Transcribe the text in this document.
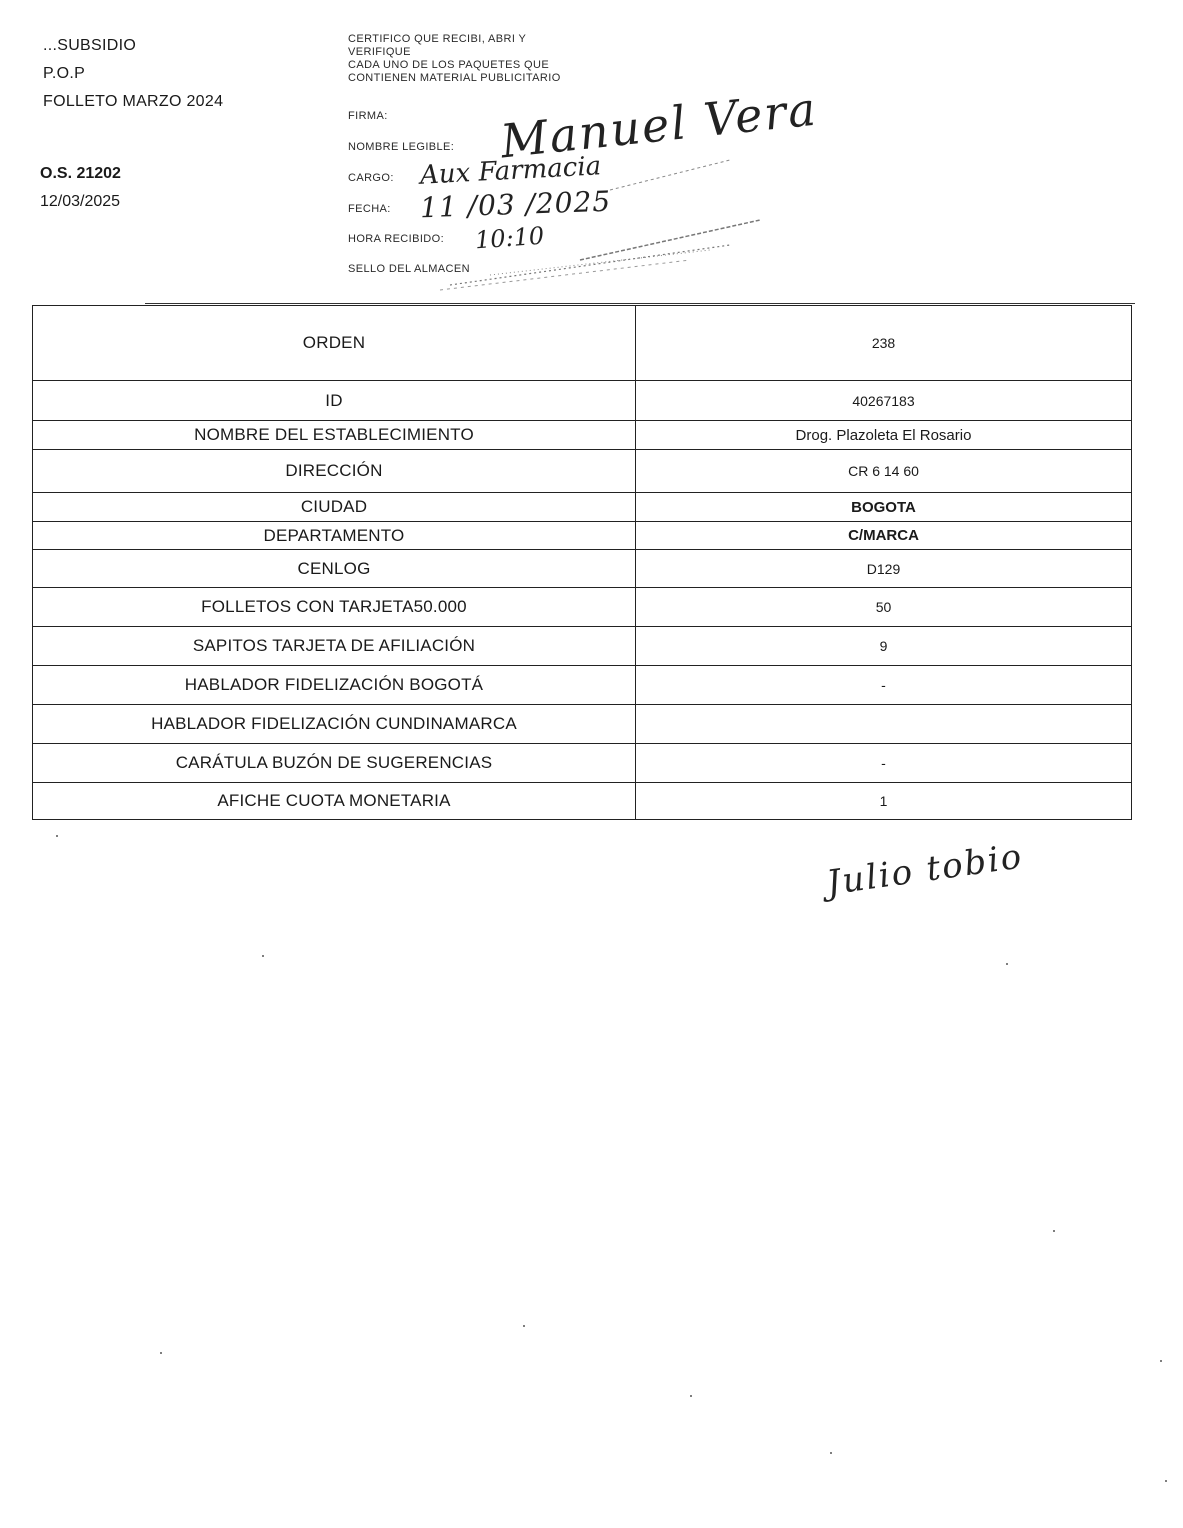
...SUBSIDIO
P.O.P
FOLLETO MARZO 2024
O.S. 21202
12/03/2025
CERTIFICO QUE RECIBI, ABRI Y
VERIFIQUE
CADA UNO DE LOS PAQUETES QUE
CONTIENEN MATERIAL PUBLICITARIO
FIRMA:
NOMBRE LEGIBLE:
CARGO:
FECHA:
HORA RECIBIDO:
SELLO DEL ALMACEN
Manuel Vera
Aux Farmacia
11 /03 /2025
10:10
ORDEN	238
ID	40267183
NOMBRE DEL ESTABLECIMIENTO	Drog. Plazoleta El Rosario
DIRECCIÓN	CR 6 14 60
CIUDAD	BOGOTA
DEPARTAMENTO	C/MARCA
CENLOG	D129
FOLLETOS CON TARJETA50.000	50
SAPITOS TARJETA DE AFILIACIÓN	9
HABLADOR FIDELIZACIÓN BOGOTÁ	-
HABLADOR FIDELIZACIÓN CUNDINAMARCA	
CARÁTULA BUZÓN DE SUGERENCIAS	-
AFICHE CUOTA MONETARIA	1
Julio tobio
